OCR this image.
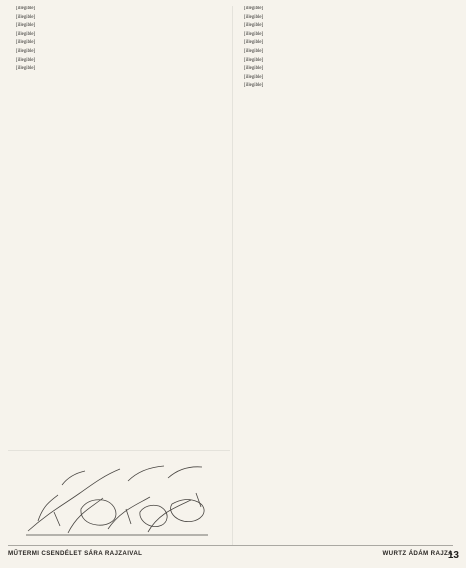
[illegible]

[illegible]

[illegible]

[illegible]

[illegible]

[illegible]

[illegible]

[illegible]

[illegible]

[illegible]

[illegible]

[illegible]

[illegible]

[illegible]

[illegible]

[illegible]

[illegible]

[illegible]

MŰTERMI CSENDÉLET SÁRA RAJZAIVAL	WURTZ ÁDÁM RAJZA
13
